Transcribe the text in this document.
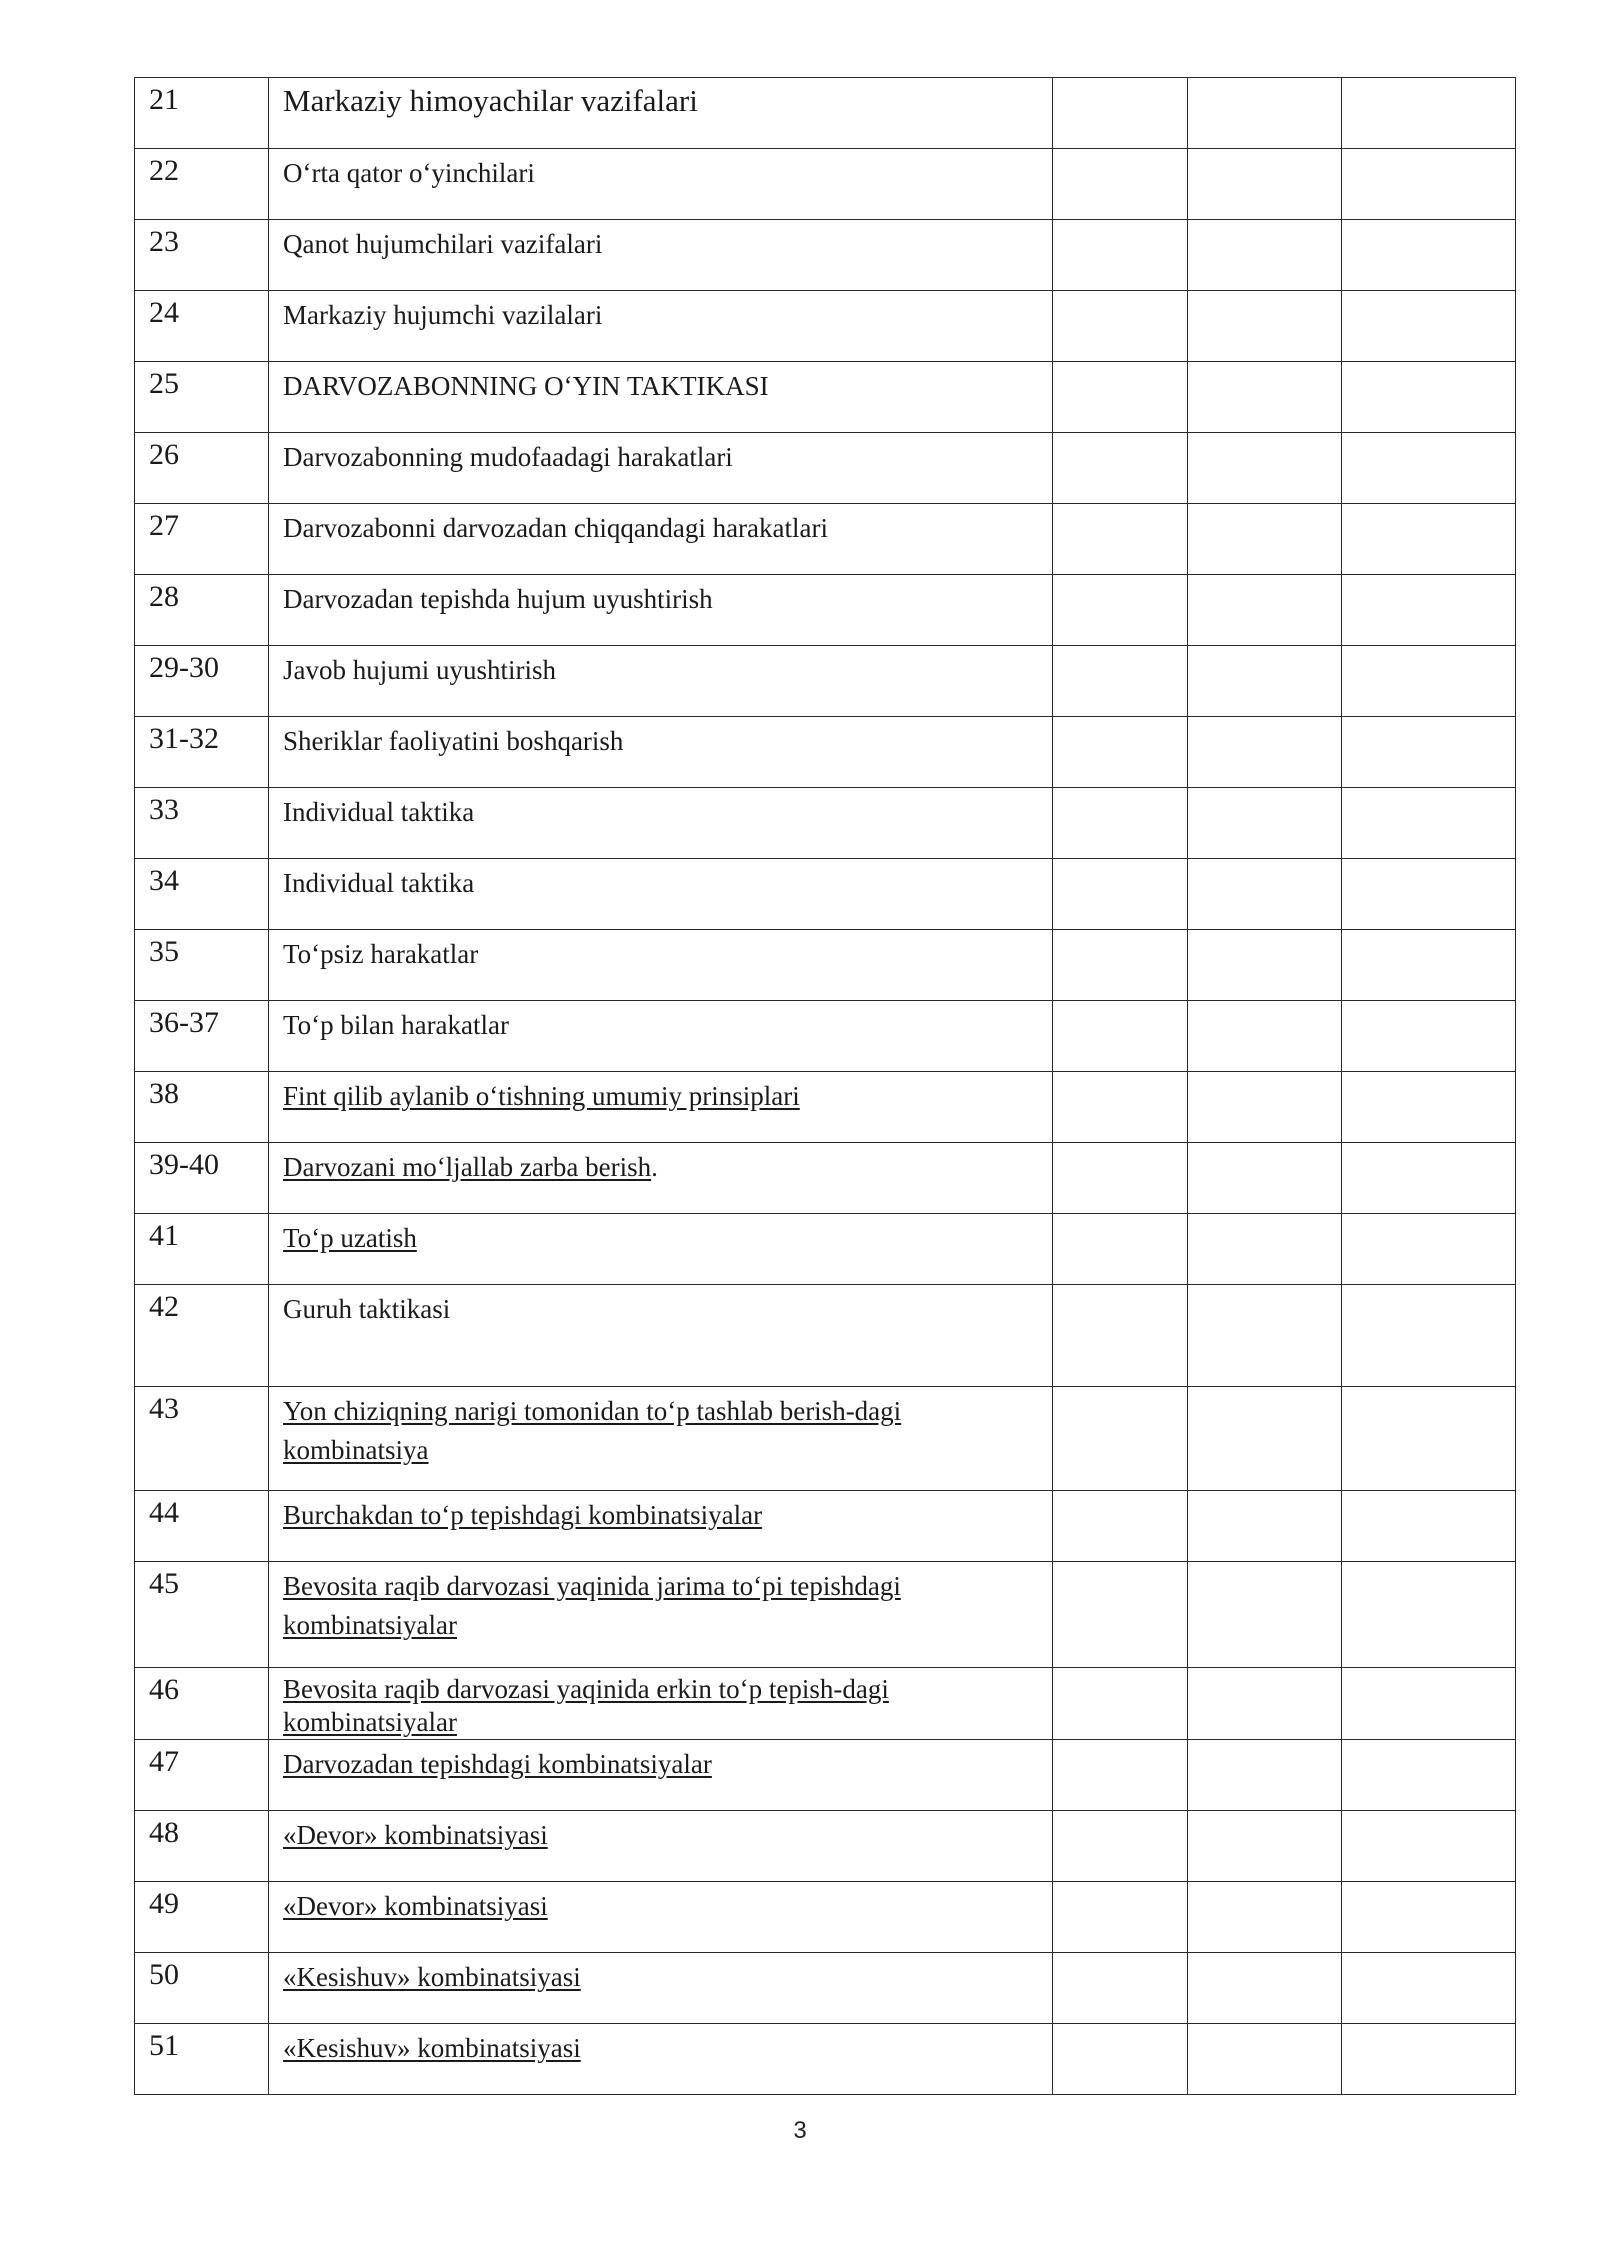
21	Markaziy himoyachilar vazifalari			

22	O‘rta qator o‘yinchilari			

23	Qanot hujumchilari vazifalari			

24	Markaziy hujumchi vazilalari			

25	DARVOZABONNING O‘YIN TAKTIKASI			

26	Darvozabonning mudofaadagi harakatlari			

27	Darvozabonni darvozadan chiqqandagi harakatlari			

28	Darvozadan tepishda hujum uyushtirish			

29-30	Javob hujumi uyushtirish			

31-32	Sheriklar faoliyatini boshqarish			

33	Individual taktika			

34	Individual taktika			

35	To‘psiz harakatlar			

36-37	To‘p bilan harakatlar			

38	Fint qilib aylanib o‘tishning umumiy prinsiplari			

39-40	Darvozani mo‘ljallab zarba berish.			

41	To‘p uzatish			

42	Guruh taktikasi			

43	Yon chiziqning narigi tomonidan to‘p tashlab berish-dagi kombinatsiya			

44	Burchakdan to‘p tepishdagi kombinatsiyalar			

45	Bevosita raqib darvozasi yaqinida jarima to‘pi tepishdagi kombinatsiyalar			

46	Bevosita raqib darvozasi yaqinida erkin to‘p tepish-dagi kombinatsiyalar			

47	Darvozadan tepishdagi kombinatsiyalar			

48	«Devor» kombinatsiyasi			

49	«Devor» kombinatsiyasi			

50	«Kesishuv» kombinatsiyasi			

51	«Kesishuv» kombinatsiyasi			

3
